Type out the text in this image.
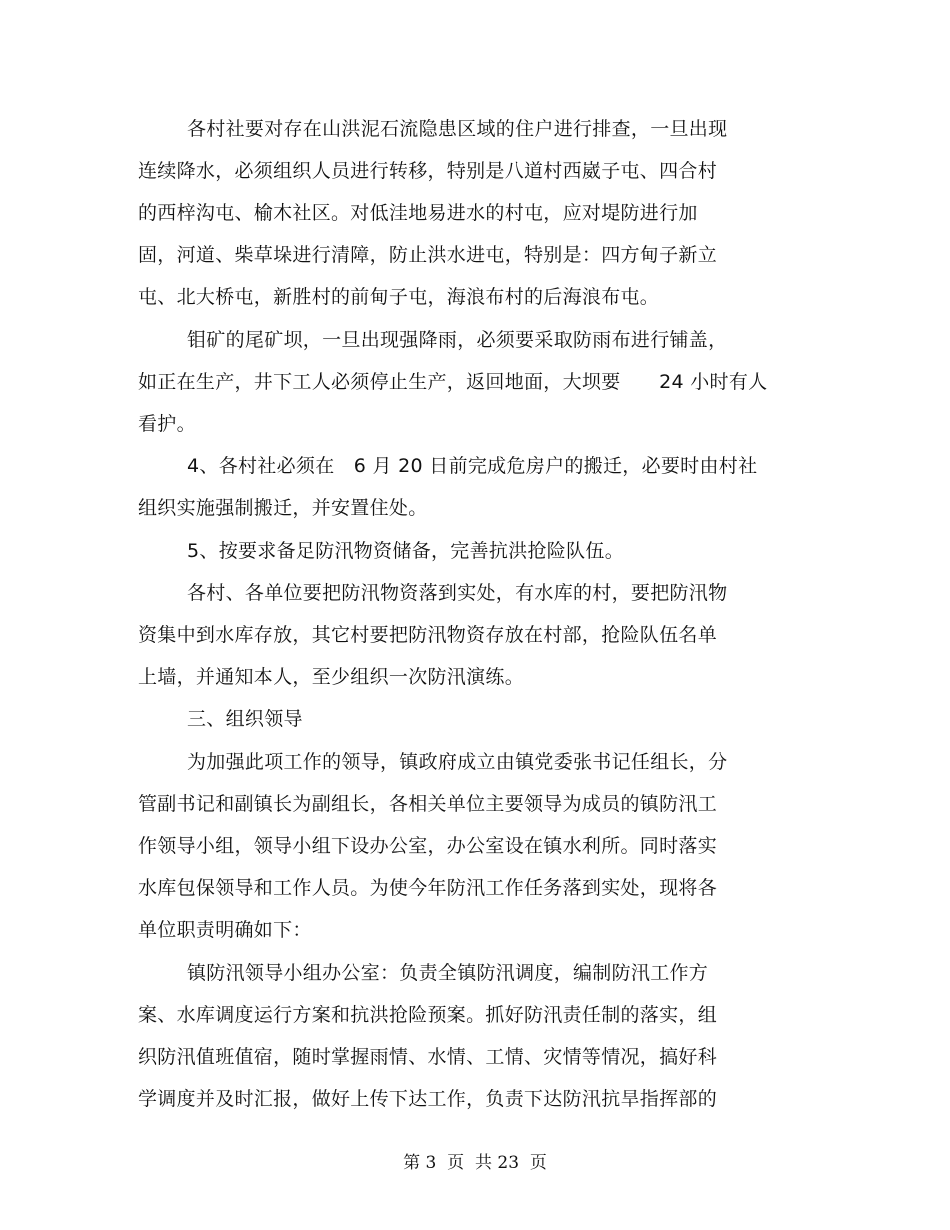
各村社要对存在山洪泥石流隐患区域的住户进行排查，一旦出现
连续降水，必须组织人员进行转移，特别是八道村西崴子屯、四合村
的西梓沟屯、榆木社区。对低洼地易进水的村屯，应对堤防进行加
固，河道、柴草垛进行清障，防止洪水进屯，特别是：四方甸子新立
屯、北大桥屯，新胜村的前甸子屯，海浪布村的后海浪布屯。
钼矿的尾矿坝，一旦出现强降雨，必须要采取防雨布进行铺盖，
如正在生产，井下工人必须停止生产，返回地面，大坝要　　24 小时有人
看护。
4、各村社必须在　6 月 20 日前完成危房户的搬迁，必要时由村社
组织实施强制搬迁，并安置住处。
5、按要求备足防汛物资储备，完善抗洪抢险队伍。
各村、各单位要把防汛物资落到实处，有水库的村，要把防汛物
资集中到水库存放，其它村要把防汛物资存放在村部，抢险队伍名单
上墙，并通知本人，至少组织一次防汛演练。
三、组织领导
为加强此项工作的领导，镇政府成立由镇党委张书记任组长，分
管副书记和副镇长为副组长，各相关单位主要领导为成员的镇防汛工
作领导小组，领导小组下设办公室，办公室设在镇水利所。同时落实
水库包保领导和工作人员。为使今年防汛工作任务落到实处，现将各
单位职责明确如下：
镇防汛领导小组办公室：负责全镇防汛调度，编制防汛工作方
案、水库调度运行方案和抗洪抢险预案。抓好防汛责任制的落实，组
织防汛值班值宿，随时掌握雨情、水情、工情、灾情等情况，搞好科
学调度并及时汇报，做好上传下达工作，负责下达防汛抗旱指挥部的
第 3  页  共 23  页
